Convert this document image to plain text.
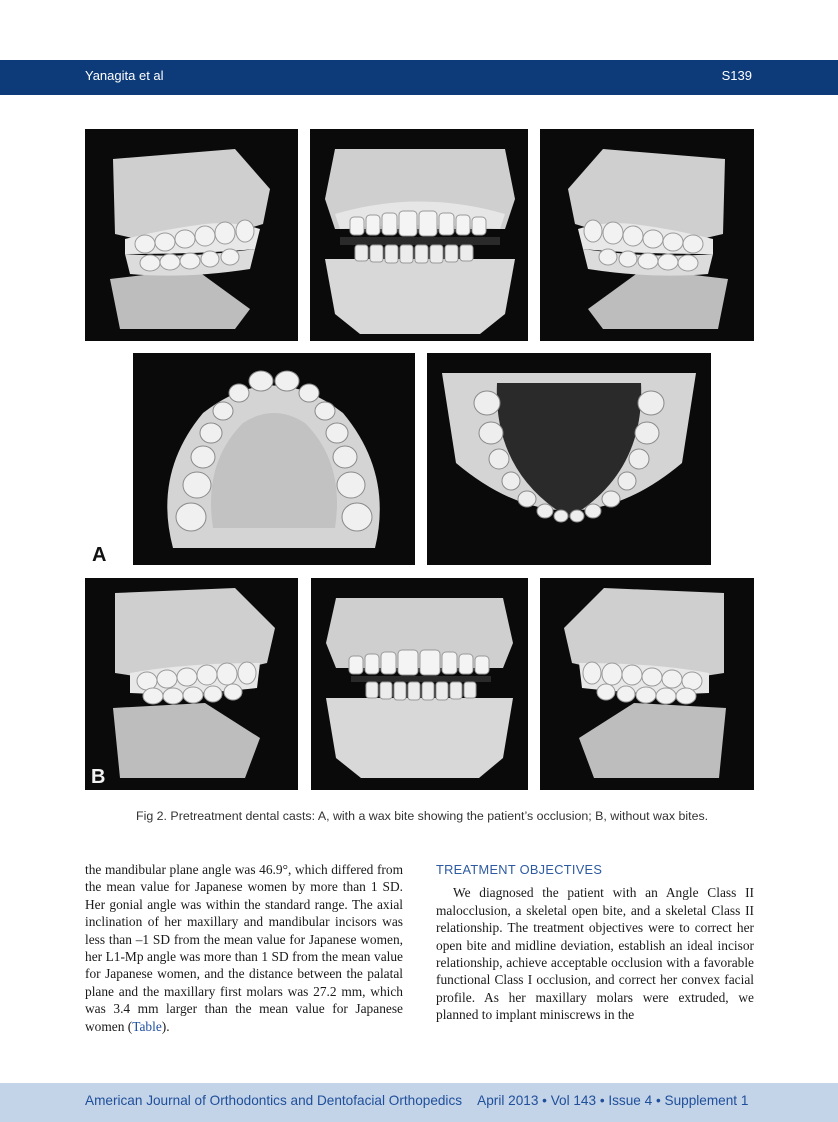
Yanagita et al	S139
A
B
Fig 2. Pretreatment dental casts: A, with a wax bite showing the patient’s occlusion; B, without wax bites.

the mandibular plane angle was 46.9°, which differed from the mean value for Japanese women by more than 1 SD. Her gonial angle was within the standard range. The axial inclination of her maxillary and mandibular incisors was less than –1 SD from the mean value for Japanese women, her L1-Mp angle was more than 1 SD from the mean value for Japanese women, and the distance between the palatal plane and the maxillary first molars was 27.2 mm, which was 3.4 mm larger than the mean value for Japanese women (Table).

TREATMENT OBJECTIVES

We diagnosed the patient with an Angle Class II malocclusion, a skeletal open bite, and a skeletal Class II relationship. The treatment objectives were to correct her open bite and midline deviation, establish an ideal incisor relationship, achieve acceptable occlusion with a favorable functional Class I occlusion, and correct her convex facial profile. As her maxillary molars were extruded, we planned to implant miniscrews in the

American Journal of Orthodontics and Dentofacial Orthopedics April 2013 • Vol 143 • Issue 4 • Supplement 1
